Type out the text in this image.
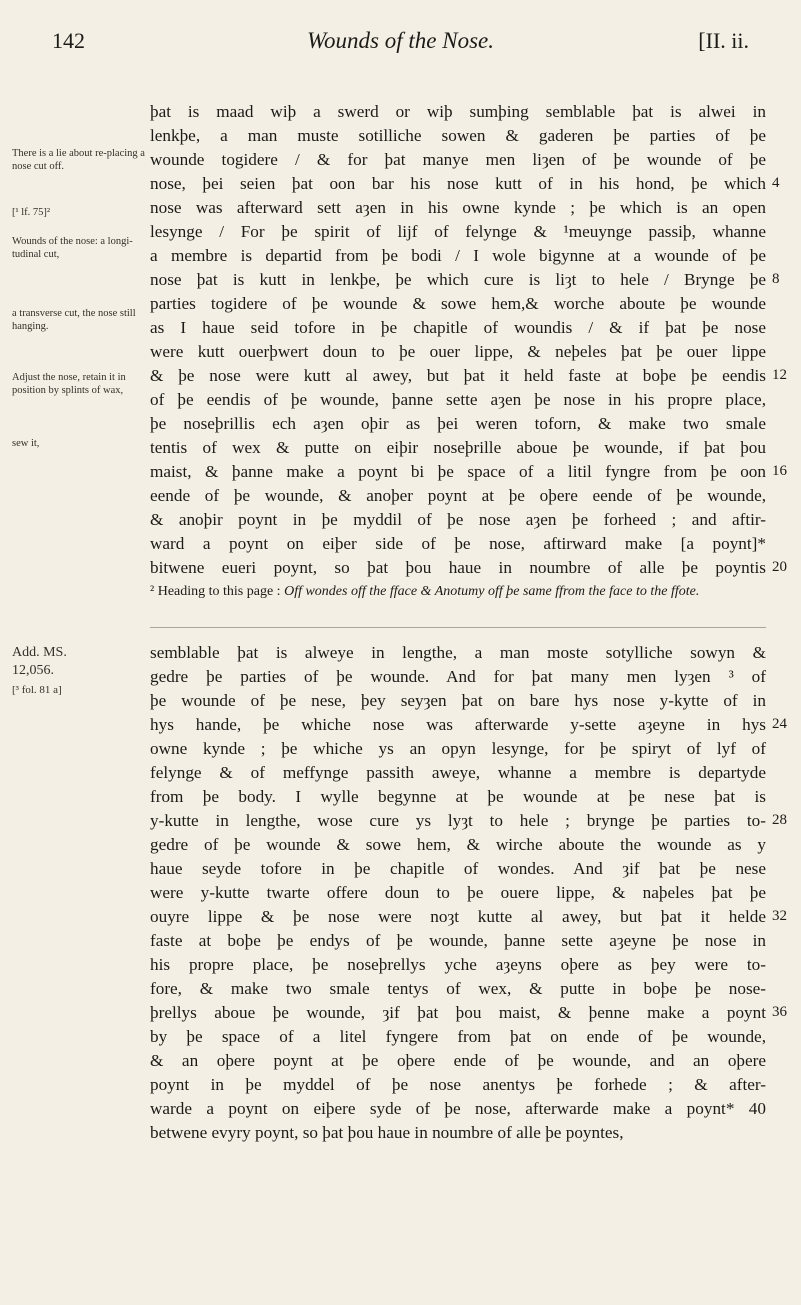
142	Wounds of the Nose.	[II. ii.
There is a lie about re-placing a nose cut off.
[¹ lf. 75]²
Wounds of the nose: a longi-tudinal cut,
a transverse cut, the nose still hanging.
Adjust the nose, retain it in position by splints of wax,
sew it,
þat is maad wiþ a swerd or wiþ sumþing semblable þat is alwei in
lenkþe, a man muste sotilliche sowen & gaderen þe parties of þe
wounde togidere / & for þat manye men liȝen of þe wounde of þe
nose, þei seien þat oon bar his nose kutt of in his hond, þe which 4
nose was afterward sett aȝen in his owne kynde ; þe which is an open
lesynge / For þe spirit of lijf of felynge & ¹meuynge passiþ, whanne
a membre is departid from þe bodi / I wole bigynne at a wounde of þe
nose þat is kutt in lenkþe, þe which cure is liȝt to hele / Brynge þe 8
parties togidere of þe wounde & sowe hem,& worche aboute þe wounde
as I haue seid tofore in þe chapitle of woundis / & if þat þe nose
were kutt ouerþwert doun to þe ouer lippe, & neþeles þat þe ouer lippe
& þe nose were kutt al awey, but þat it held faste at boþe þe eendis 12
of þe eendis of þe wounde, þanne sette aȝen þe nose in his propre place,
þe noseþrillis ech aȝen oþir as þei weren toforn, & make two smale
tentis of wex & putte on eiþir noseþrille aboue þe wounde, if þat þou
maist, & þanne make a poynt bi þe space of a litil fyngre from þe oon 16
eende of þe wounde, & anoþer poynt at þe oþere eende of þe wounde,
& anoþir poynt in þe myddil of þe nose aȝen þe forheed ; and aftir-
ward a poynt on eiþer side of þe nose, aftirward make [a poynt]*
bitwene eueri poynt, so þat þou haue in noumbre of alle þe poyntis 20
² Heading to this page : Off wondes off the fface & Anotumy off þe same ffrom the face to the ffote.
Add. MS.
12,056.
[³ fol. 81 a]
semblable þat is alweye in lengthe, a man moste sotylliche sowyn &
gedre þe parties of þe wounde. And for þat many men lyȝen ³ of
þe wounde of þe nese, þey seyȝen þat on bare hys nose y-kytte of in
hys hande, þe whiche nose was afterwarde y-sette aȝeyne in hys 24
owne kynde ; þe whiche ys an opyn lesynge, for þe spiryt of lyf of
felynge & of meffynge passith aweye, whanne a membre is departyde
from þe body. I wylle begynne at þe wounde at þe nese þat is
y-kutte in lengthe, wose cure ys lyȝt to hele ; brynge þe parties to- 28
gedre of þe wounde & sowe hem, & wirche aboute the wounde as y
haue seyde tofore in þe chapitle of wondes. And ȝif þat þe nese
were y-kutte twarte offere doun to þe ouere lippe, & naþeles þat þe
ouyre lippe & þe nose were noȝt kutte al awey, but þat it helde 32
faste at boþe þe endys of þe wounde, þanne sette aȝeyne þe nose in
his propre place, þe noseþrellys yche aȝeyns oþere as þey were to-
fore, & make two smale tentys of wex, & putte in boþe þe nose-
þrellys aboue þe wounde, ȝif þat þou maist, & þenne make a poynt 36
by þe space of a litel fyngere from þat on ende of þe wounde,
& an oþere poynt at þe oþere ende of þe wounde, and an oþere
poynt in þe myddel of þe nose anentys þe forhede ; & after-
warde a poynt on eiþere syde of þe nose, afterwarde make a poynt* 40
betwene evyry poynt, so þat þou haue in noumbre of alle þe poyntes,
